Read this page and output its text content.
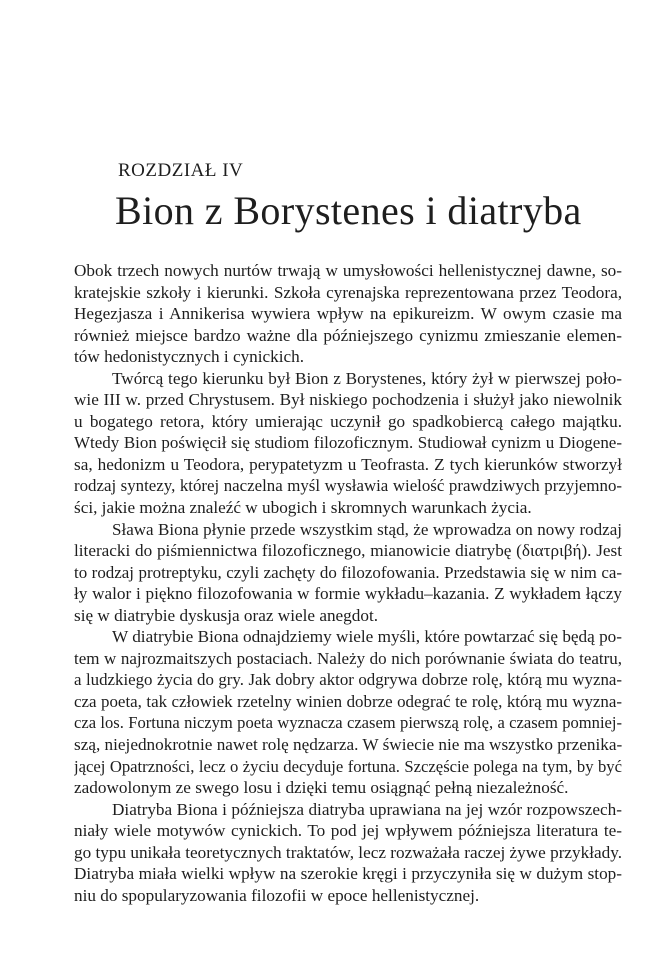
ROZDZIAŁ IV
Bion z Borystenes i diatryba
Obok trzech nowych nurtów trwają w umysłowości hellenistycznej dawne, so-
kratejskie szkoły i kierunki. Szkoła cyrenajska reprezentowana przez Teodora,
Hegezjasza i Annikerisa wywiera wpływ na epikureizm. W owym czasie ma
również miejsce bardzo ważne dla późniejszego cynizmu zmieszanie elemen-
tów hedonistycznych i cynickich.
Twórcą tego kierunku był Bion z Borystenes, który żył w pierwszej poło-
wie III w. przed Chrystusem. Był niskiego pochodzenia i służył jako niewolnik
u bogatego retora, który umierając uczynił go spadkobiercą całego majątku.
Wtedy Bion poświęcił się studiom filozoficznym. Studiował cynizm u Diogene-
sa, hedonizm u Teodora, perypatetyzm u Teofrasta. Z tych kierunków stworzył
rodzaj syntezy, której naczelna myśl wysławia wielość prawdziwych przyjemno-
ści, jakie można znaleźć w ubogich i skromnych warunkach życia.
Sława Biona płynie przede wszystkim stąd, że wprowadza on nowy rodzaj
literacki do piśmiennictwa filozoficznego, mianowicie diatrybę (διατριβή). Jest
to rodzaj protreptyku, czyli zachęty do filozofowania. Przedstawia się w nim ca-
ły walor i piękno filozofowania w formie wykładu–kazania. Z wykładem łączy
się w diatrybie dyskusja oraz wiele anegdot.
W diatrybie Biona odnajdziemy wiele myśli, które powtarzać się będą po-
tem w najrozmaitszych postaciach. Należy do nich porównanie świata do teatru,
a ludzkiego życia do gry. Jak dobry aktor odgrywa dobrze rolę, którą mu wyzna-
cza poeta, tak człowiek rzetelny winien dobrze odegrać te rolę, którą mu wyzna-
cza los. Fortuna niczym poeta wyznacza czasem pierwszą rolę, a czasem pomniej-
szą, niejednokrotnie nawet rolę nędzarza. W świecie nie ma wszystko przenika-
jącej Opatrzności, lecz o życiu decyduje fortuna. Szczęście polega na tym, by być
zadowolonym ze swego losu i dzięki temu osiągnąć pełną niezależność.
Diatryba Biona i późniejsza diatryba uprawiana na jej wzór rozpowszech-
niały wiele motywów cynickich. To pod jej wpływem późniejsza literatura te-
go typu unikała teoretycznych traktatów, lecz rozważała raczej żywe przykłady.
Diatryba miała wielki wpływ na szerokie kręgi i przyczyniła się w dużym stop-
niu do spopularyzowania filozofii w epoce hellenistycznej.
